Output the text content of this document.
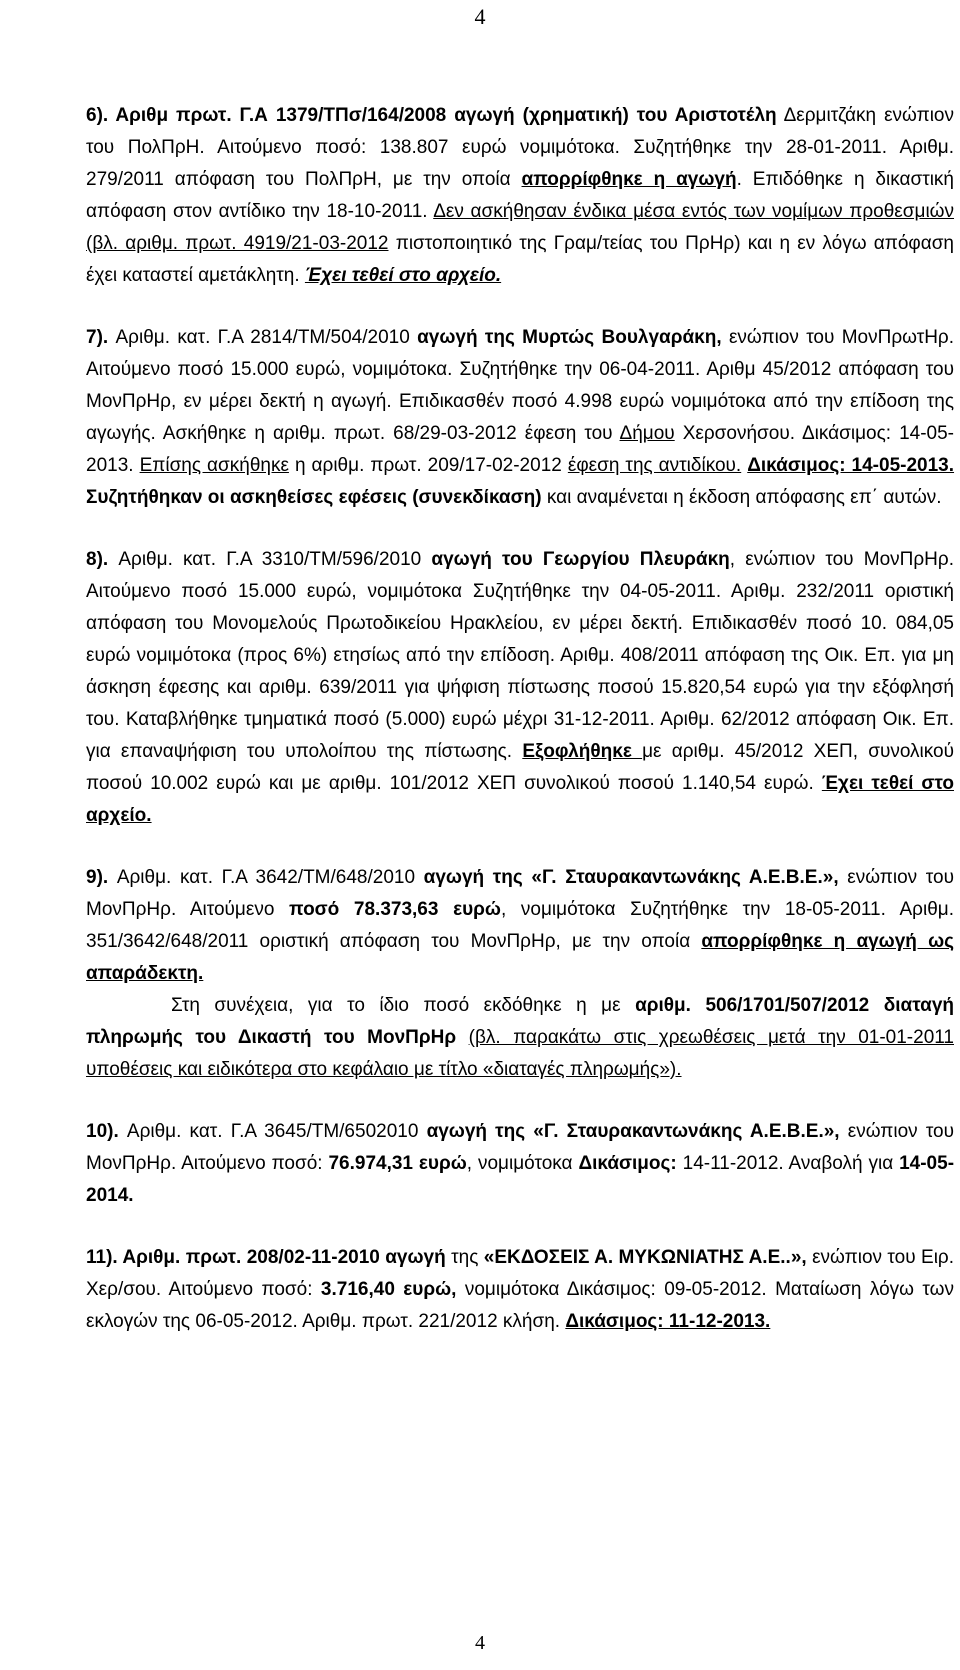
4

6). Αριθμ πρωτ. Γ.Α 1379/ΤΠσ/164/2008 αγωγή (χρηματική) του Αριστοτέλη Δερμιτζάκη ενώπιον του ΠολΠρΗ. Αιτούμενο ποσό: 138.807 ευρώ νομιμότοκα. Συζητήθηκε την 28-01-2011. Αριθμ. 279/2011 απόφαση του ΠολΠρΗ, με την οποία απορρίφθηκε η αγωγή. Επιδόθηκε η δικαστική απόφαση στον αντίδικο την 18-10-2011. Δεν ασκήθησαν ένδικα μέσα εντός των νομίμων προθεσμιών (βλ. αριθμ. πρωτ. 4919/21-03-2012 πιστοποιητικό της Γραμ/τείας του ΠρΗρ) και η εν λόγω απόφαση έχει καταστεί αμετάκλητη. Έχει τεθεί στο αρχείο.

7). Αριθμ. κατ. Γ.Α 2814/ΤΜ/504/2010 αγωγή της Μυρτώς Βουλγαράκη, ενώπιον του ΜονΠρωτΗρ. Αιτούμενο ποσό 15.000 ευρώ, νομιμότοκα. Συζητήθηκε την 06-04-2011. Αριθμ 45/2012 απόφαση του ΜονΠρΗρ, εν μέρει δεκτή η αγωγή. Επιδικασθέν ποσό 4.998 ευρώ νομιμότοκα από την επίδοση της αγωγής. Ασκήθηκε η αριθμ. πρωτ. 68/29-03-2012 έφεση του Δήμου Χερσονήσου. Δικάσιμος: 14-05-2013. Επίσης ασκήθηκε η αριθμ. πρωτ. 209/17-02-2012 έφεση της αντιδίκου. Δικάσιμος: 14-05-2013. Συζητήθηκαν οι ασκηθείσες εφέσεις (συνεκδίκαση) και αναμένεται η έκδοση απόφασης επ΄ αυτών.

8). Αριθμ. κατ. Γ.Α 3310/ΤΜ/596/2010 αγωγή του Γεωργίου Πλευράκη, ενώπιον του ΜονΠρΗρ. Αιτούμενο ποσό 15.000 ευρώ, νομιμότοκα Συζητήθηκε την 04-05-2011. Αριθμ. 232/2011 οριστική απόφαση του Μονομελούς Πρωτοδικείου Ηρακλείου, εν μέρει δεκτή. Επιδικασθέν ποσό 10. 084,05 ευρώ νομιμότοκα (προς 6%) ετησίως από την επίδοση. Αριθμ. 408/2011 απόφαση της Οικ. Επ. για μη άσκηση έφεσης και αριθμ. 639/2011 για ψήφιση πίστωσης ποσού 15.820,54 ευρώ για την εξόφλησή του. Καταβλήθηκε τμηματικά ποσό (5.000) ευρώ μέχρι 31-12-2011. Αριθμ. 62/2012 απόφαση Οικ. Επ. για επαναψήφιση του υπολοίπου της πίστωσης. Εξοφλήθηκε με αριθμ. 45/2012 ΧΕΠ, συνολικού ποσού 10.002 ευρώ και με αριθμ. 101/2012 ΧΕΠ συνολικού ποσού 1.140,54 ευρώ. Έχει τεθεί στο αρχείο.

9). Αριθμ. κατ. Γ.Α 3642/ΤΜ/648/2010 αγωγή της «Γ. Σταυρακαντωνάκης Α.Ε.Β.Ε.», ενώπιον του ΜονΠρΗρ. Αιτούμενο ποσό 78.373,63 ευρώ, νομιμότοκα Συζητήθηκε την 18-05-2011. Αριθμ. 351/3642/648/2011 οριστική απόφαση του ΜονΠρΗρ, με την οποία απορρίφθηκε η αγωγή ως απαράδεκτη.

Στη συνέχεια, για το ίδιο ποσό εκδόθηκε η με αριθμ. 506/1701/507/2012 διαταγή πληρωμής του Δικαστή του ΜονΠρΗρ (βλ. παρακάτω στις χρεωθέσεις μετά την 01-01-2011 υποθέσεις και ειδικότερα στο κεφάλαιο με τίτλο «διαταγές πληρωμής»).

10). Αριθμ. κατ. Γ.Α 3645/ΤΜ/6502010 αγωγή της «Γ. Σταυρακαντωνάκης Α.Ε.Β.Ε.», ενώπιον του ΜονΠρΗρ. Αιτούμενο ποσό: 76.974,31 ευρώ, νομιμότοκα Δικάσιμος: 14-11-2012. Αναβολή για 14-05-2014.

11). Αριθμ. πρωτ. 208/02-11-2010 αγωγή της «ΕΚΔΟΣΕΙΣ Α. ΜΥΚΩΝΙΑΤΗΣ Α.Ε..», ενώπιον του Ειρ. Χερ/σου. Αιτούμενο ποσό: 3.716,40 ευρώ, νομιμότοκα Δικάσιμος: 09-05-2012. Ματαίωση λόγω των εκλογών της 06-05-2012. Αριθμ. πρωτ. 221/2012 κλήση. Δικάσιμος: 11-12-2013.

4
